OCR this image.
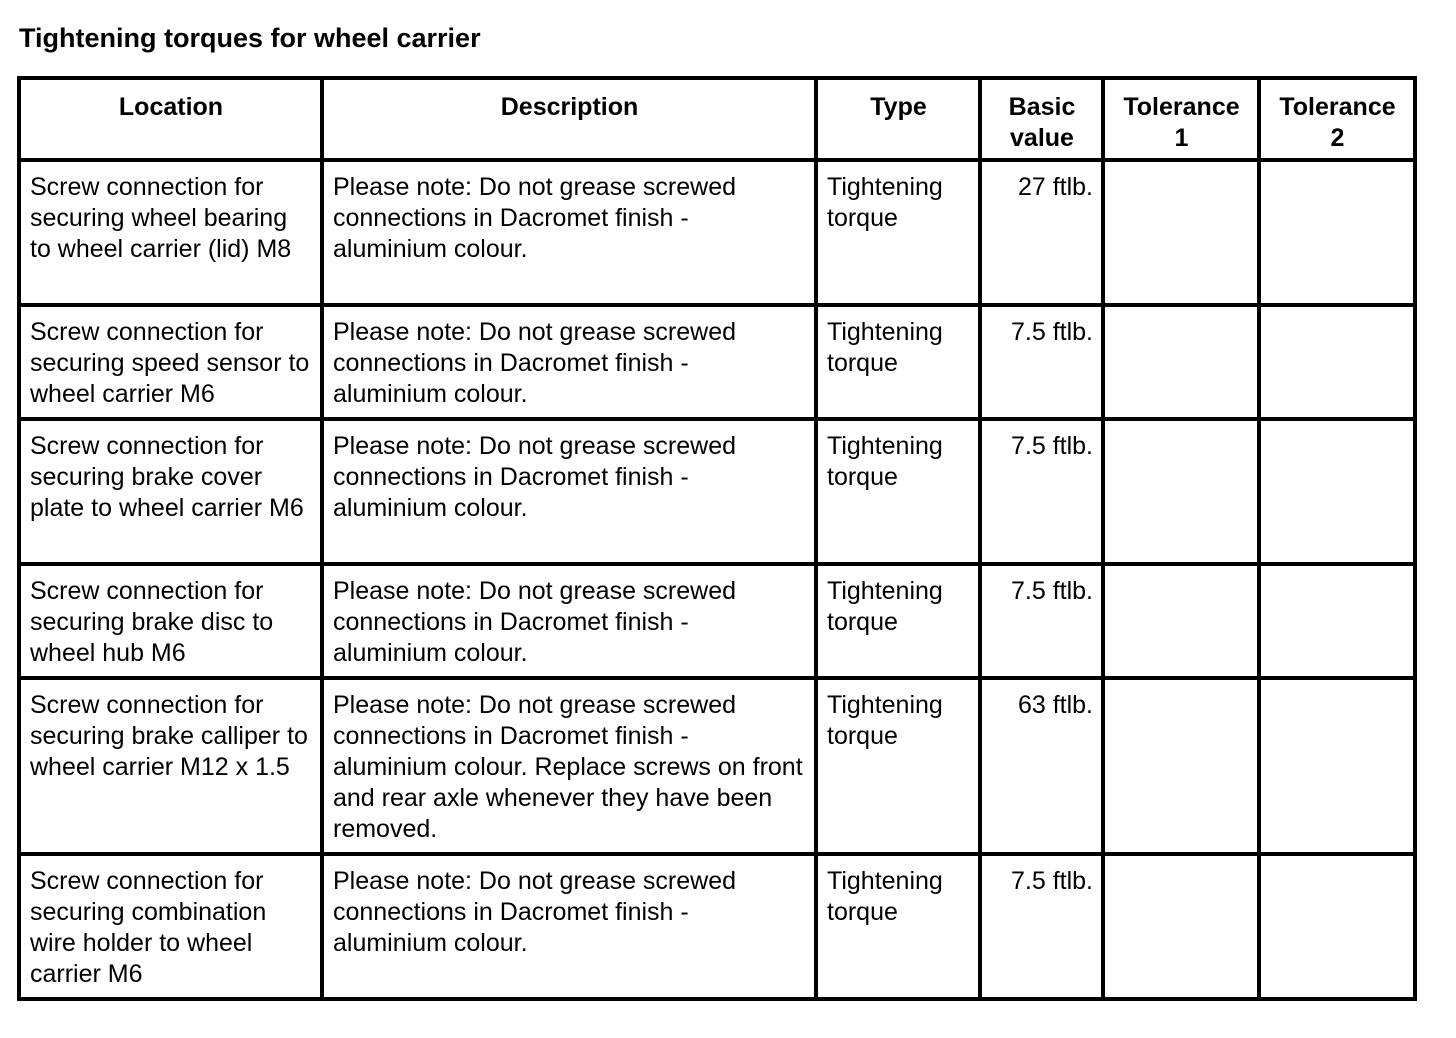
Tightening torques for wheel carrier
Location	Description	Type	Basic value	Tolerance 1	Tolerance 2
Screw connection for securing wheel bearing to wheel carrier (lid) M8	Please note: Do not grease screwed connections in Dacromet finish - aluminium colour.	Tightening torque	27 ftlb.		
Screw connection for securing speed sensor to wheel carrier M6	Please note: Do not grease screwed connections in Dacromet finish - aluminium colour.	Tightening torque	7.5 ftlb.		
Screw connection for securing brake cover plate to wheel carrier M6	Please note: Do not grease screwed connections in Dacromet finish - aluminium colour.	Tightening torque	7.5 ftlb.		
Screw connection for securing brake disc to wheel hub M6	Please note: Do not grease screwed connections in Dacromet finish - aluminium colour.	Tightening torque	7.5 ftlb.		
Screw connection for securing brake calliper to wheel carrier M12 x 1.5	Please note: Do not grease screwed connections in Dacromet finish - aluminium colour. Replace screws on front and rear axle whenever they have been removed.	Tightening torque	63 ftlb.		
Screw connection for securing combination wire holder to wheel carrier M6	Please note: Do not grease screwed connections in Dacromet finish - aluminium colour.	Tightening torque	7.5 ftlb.		
